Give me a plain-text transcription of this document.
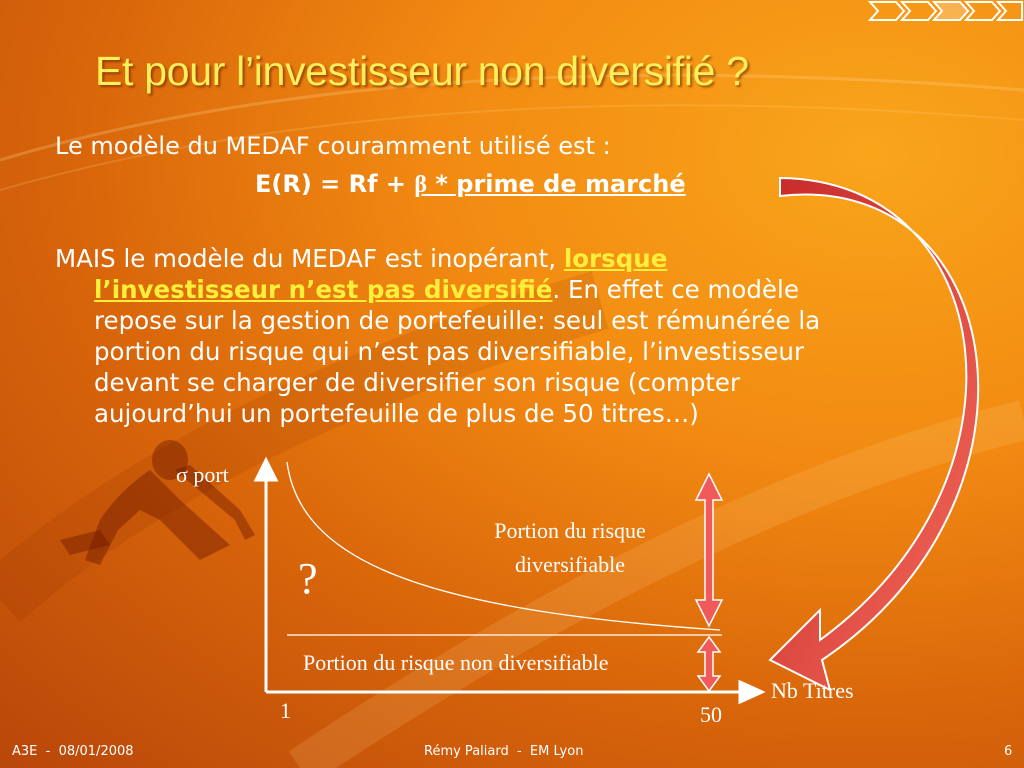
Et pour l’investisseur non diversifié ?
Le modèle du MEDAF couramment utilisé est :
E(R) = Rf + β * prime de marché
MAIS le modèle du MEDAF est inopérant, lorsque
l’investisseur n’est pas diversifié. En effet ce modèle
repose sur la gestion de portefeuille: seul est rémunérée la
portion du risque qui n’est pas diversifiable, l’investisseur
devant se charger de diversifier son risque (compter
aujourd’hui un portefeuille de plus de 50 titres…)
σ port
?
Portion du risque
diversifiable
Portion du risque non diversifiable
Nb Titres
1	50
A3E  -  08/01/2008	Rémy Paliard  -  EM Lyon	6
